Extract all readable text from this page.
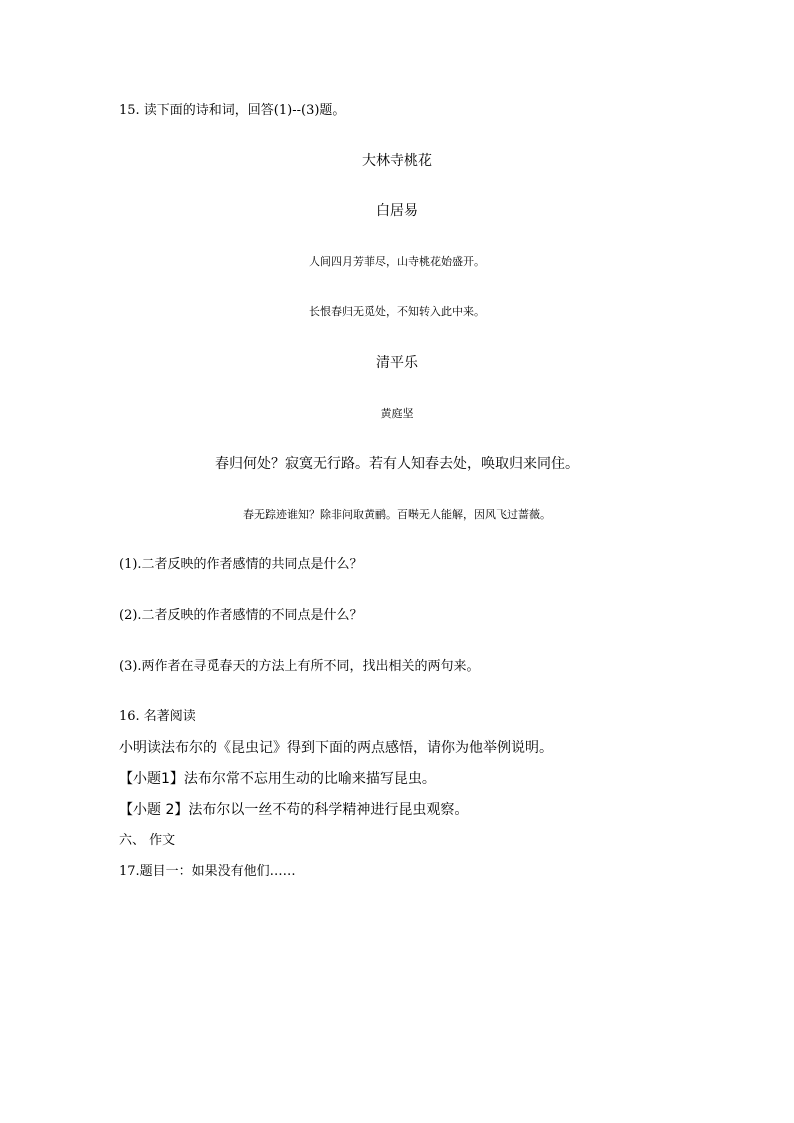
15. 读下面的诗和词，回答(1)--(3)题。
大林寺桃花
白居易
人间四月芳菲尽，山寺桃花始盛开。
长恨春归无觅处，不知转入此中来。
清平乐
黄庭坚
春归何处？寂寞无行路。若有人知春去处，唤取归来同住。
春无踪迹谁知？除非问取黄鹂。百啭无人能解，因风飞过蔷薇。
(1).二者反映的作者感情的共同点是什么？
(2).二者反映的作者感情的不同点是什么？
(3).两作者在寻觅春天的方法上有所不同，找出相关的两句来。
16. 名著阅读
小明读法布尔的《昆虫记》得到下面的两点感悟，请你为他举例说明。
【小题1】法布尔常不忘用生动的比喻来描写昆虫。
【小题 2】法布尔以一丝不苟的科学精神进行昆虫观察。
六、 作文
17.题目一：如果没有他们……
